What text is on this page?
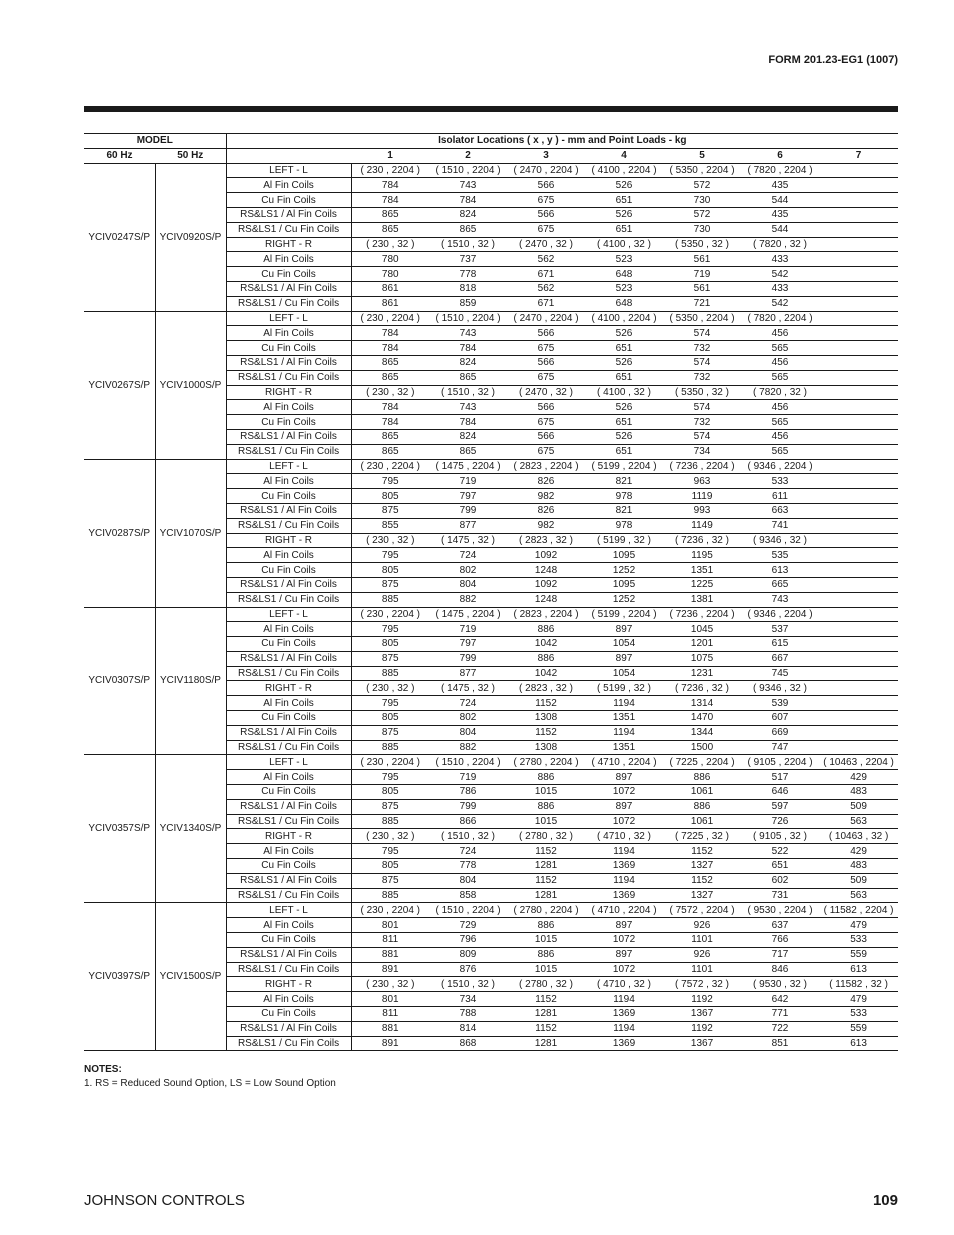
FORM 201.23-EG1 (1007)
MODEL		Isolator Locations ( x , y ) - mm and Point Loads - kg							
60 Hz	50 Hz		1	2	3	4	5	6	7
YCIV0247S/P	YCIV0920S/P	LEFT - L	( 230 , 2204 )	( 1510 , 2204 )	( 2470 , 2204 )	( 4100 , 2204 )	( 5350 , 2204 )	( 7820 , 2204 )	
		Al Fin Coils	784	743	566	526	572	435	
		Cu Fin Coils	784	784	675	651	730	544	
		RS&LS1 / Al Fin Coils	865	824	566	526	572	435	
		RS&LS1 / Cu Fin Coils	865	865	675	651	730	544	
		RIGHT - R	( 230 , 32 )	( 1510 , 32 )	( 2470 , 32 )	( 4100 , 32 )	( 5350 , 32 )	( 7820 , 32 )	
		Al Fin Coils	780	737	562	523	561	433	
		Cu Fin Coils	780	778	671	648	719	542	
		RS&LS1 / Al Fin Coils	861	818	562	523	561	433	
		RS&LS1 / Cu Fin Coils	861	859	671	648	721	542	
YCIV0267S/P	YCIV1000S/P	LEFT - L	( 230 , 2204 )	( 1510 , 2204 )	( 2470 , 2204 )	( 4100 , 2204 )	( 5350 , 2204 )	( 7820 , 2204 )	
		Al Fin Coils	784	743	566	526	574	456	
		Cu Fin Coils	784	784	675	651	732	565	
		RS&LS1 / Al Fin Coils	865	824	566	526	574	456	
		RS&LS1 / Cu Fin Coils	865	865	675	651	732	565	
		RIGHT - R	( 230 , 32 )	( 1510 , 32 )	( 2470 , 32 )	( 4100 , 32 )	( 5350 , 32 )	( 7820 , 32 )	
		Al Fin Coils	784	743	566	526	574	456	
		Cu Fin Coils	784	784	675	651	732	565	
		RS&LS1 / Al Fin Coils	865	824	566	526	574	456	
		RS&LS1 / Cu Fin Coils	865	865	675	651	734	565	
YCIV0287S/P	YCIV1070S/P	LEFT - L	( 230 , 2204 )	( 1475 , 2204 )	( 2823 , 2204 )	( 5199 , 2204 )	( 7236 , 2204 )	( 9346 , 2204 )	
		Al Fin Coils	795	719	826	821	963	533	
		Cu Fin Coils	805	797	982	978	1119	611	
		RS&LS1 / Al Fin Coils	875	799	826	821	993	663	
		RS&LS1 / Cu Fin Coils	855	877	982	978	1149	741	
		RIGHT - R	( 230 , 32 )	( 1475 , 32 )	( 2823 , 32 )	( 5199 , 32 )	( 7236 , 32 )	( 9346 , 32 )	
		Al Fin Coils	795	724	1092	1095	1195	535	
		Cu Fin Coils	805	802	1248	1252	1351	613	
		RS&LS1 / Al Fin Coils	875	804	1092	1095	1225	665	
		RS&LS1 / Cu Fin Coils	885	882	1248	1252	1381	743	
YCIV0307S/P	YCIV1180S/P	LEFT - L	( 230 , 2204 )	( 1475 , 2204 )	( 2823 , 2204 )	( 5199 , 2204 )	( 7236 , 2204 )	( 9346 , 2204 )	
		Al Fin Coils	795	719	886	897	1045	537	
		Cu Fin Coils	805	797	1042	1054	1201	615	
		RS&LS1 / Al Fin Coils	875	799	886	897	1075	667	
		RS&LS1 / Cu Fin Coils	885	877	1042	1054	1231	745	
		RIGHT - R	( 230 , 32 )	( 1475 , 32 )	( 2823 , 32 )	( 5199 , 32 )	( 7236 , 32 )	( 9346 , 32 )	
		Al Fin Coils	795	724	1152	1194	1314	539	
		Cu Fin Coils	805	802	1308	1351	1470	607	
		RS&LS1 / Al Fin Coils	875	804	1152	1194	1344	669	
		RS&LS1 / Cu Fin Coils	885	882	1308	1351	1500	747	
YCIV0357S/P	YCIV1340S/P	LEFT - L	( 230 , 2204 )	( 1510 , 2204 )	( 2780 , 2204 )	( 4710 , 2204 )	( 7225 , 2204 )	( 9105 , 2204 )	( 10463 , 2204 )
		Al Fin Coils	795	719	886	897	886	517	429
		Cu Fin Coils	805	786	1015	1072	1061	646	483
		RS&LS1 / Al Fin Coils	875	799	886	897	886	597	509
		RS&LS1 / Cu Fin Coils	885	866	1015	1072	1061	726	563
		RIGHT - R	( 230 , 32 )	( 1510 , 32 )	( 2780 , 32 )	( 4710 , 32 )	( 7225 , 32 )	( 9105 , 32 )	( 10463 , 32 )
		Al Fin Coils	795	724	1152	1194	1152	522	429
		Cu Fin Coils	805	778	1281	1369	1327	651	483
		RS&LS1 / Al Fin Coils	875	804	1152	1194	1152	602	509
		RS&LS1 / Cu Fin Coils	885	858	1281	1369	1327	731	563
YCIV0397S/P	YCIV1500S/P	LEFT - L	( 230 , 2204 )	( 1510 , 2204 )	( 2780 , 2204 )	( 4710 , 2204 )	( 7572 , 2204 )	( 9530 , 2204 )	( 11582 , 2204 )
		Al Fin Coils	801	729	886	897	926	637	479
		Cu Fin Coils	811	796	1015	1072	1101	766	533
		RS&LS1 / Al Fin Coils	881	809	886	897	926	717	559
		RS&LS1 / Cu Fin Coils	891	876	1015	1072	1101	846	613
		RIGHT - R	( 230 , 32 )	( 1510 , 32 )	( 2780 , 32 )	( 4710 , 32 )	( 7572 , 32 )	( 9530 , 32 )	( 11582 , 32 )
		Al Fin Coils	801	734	1152	1194	1192	642	479
		Cu Fin Coils	811	788	1281	1369	1367	771	533
		RS&LS1 / Al Fin Coils	881	814	1152	1194	1192	722	559
		RS&LS1 / Cu Fin Coils	891	868	1281	1369	1367	851	613
NOTES:
1. RS = Reduced Sound Option, LS = Low Sound Option
JOHNSON CONTROLS	109
